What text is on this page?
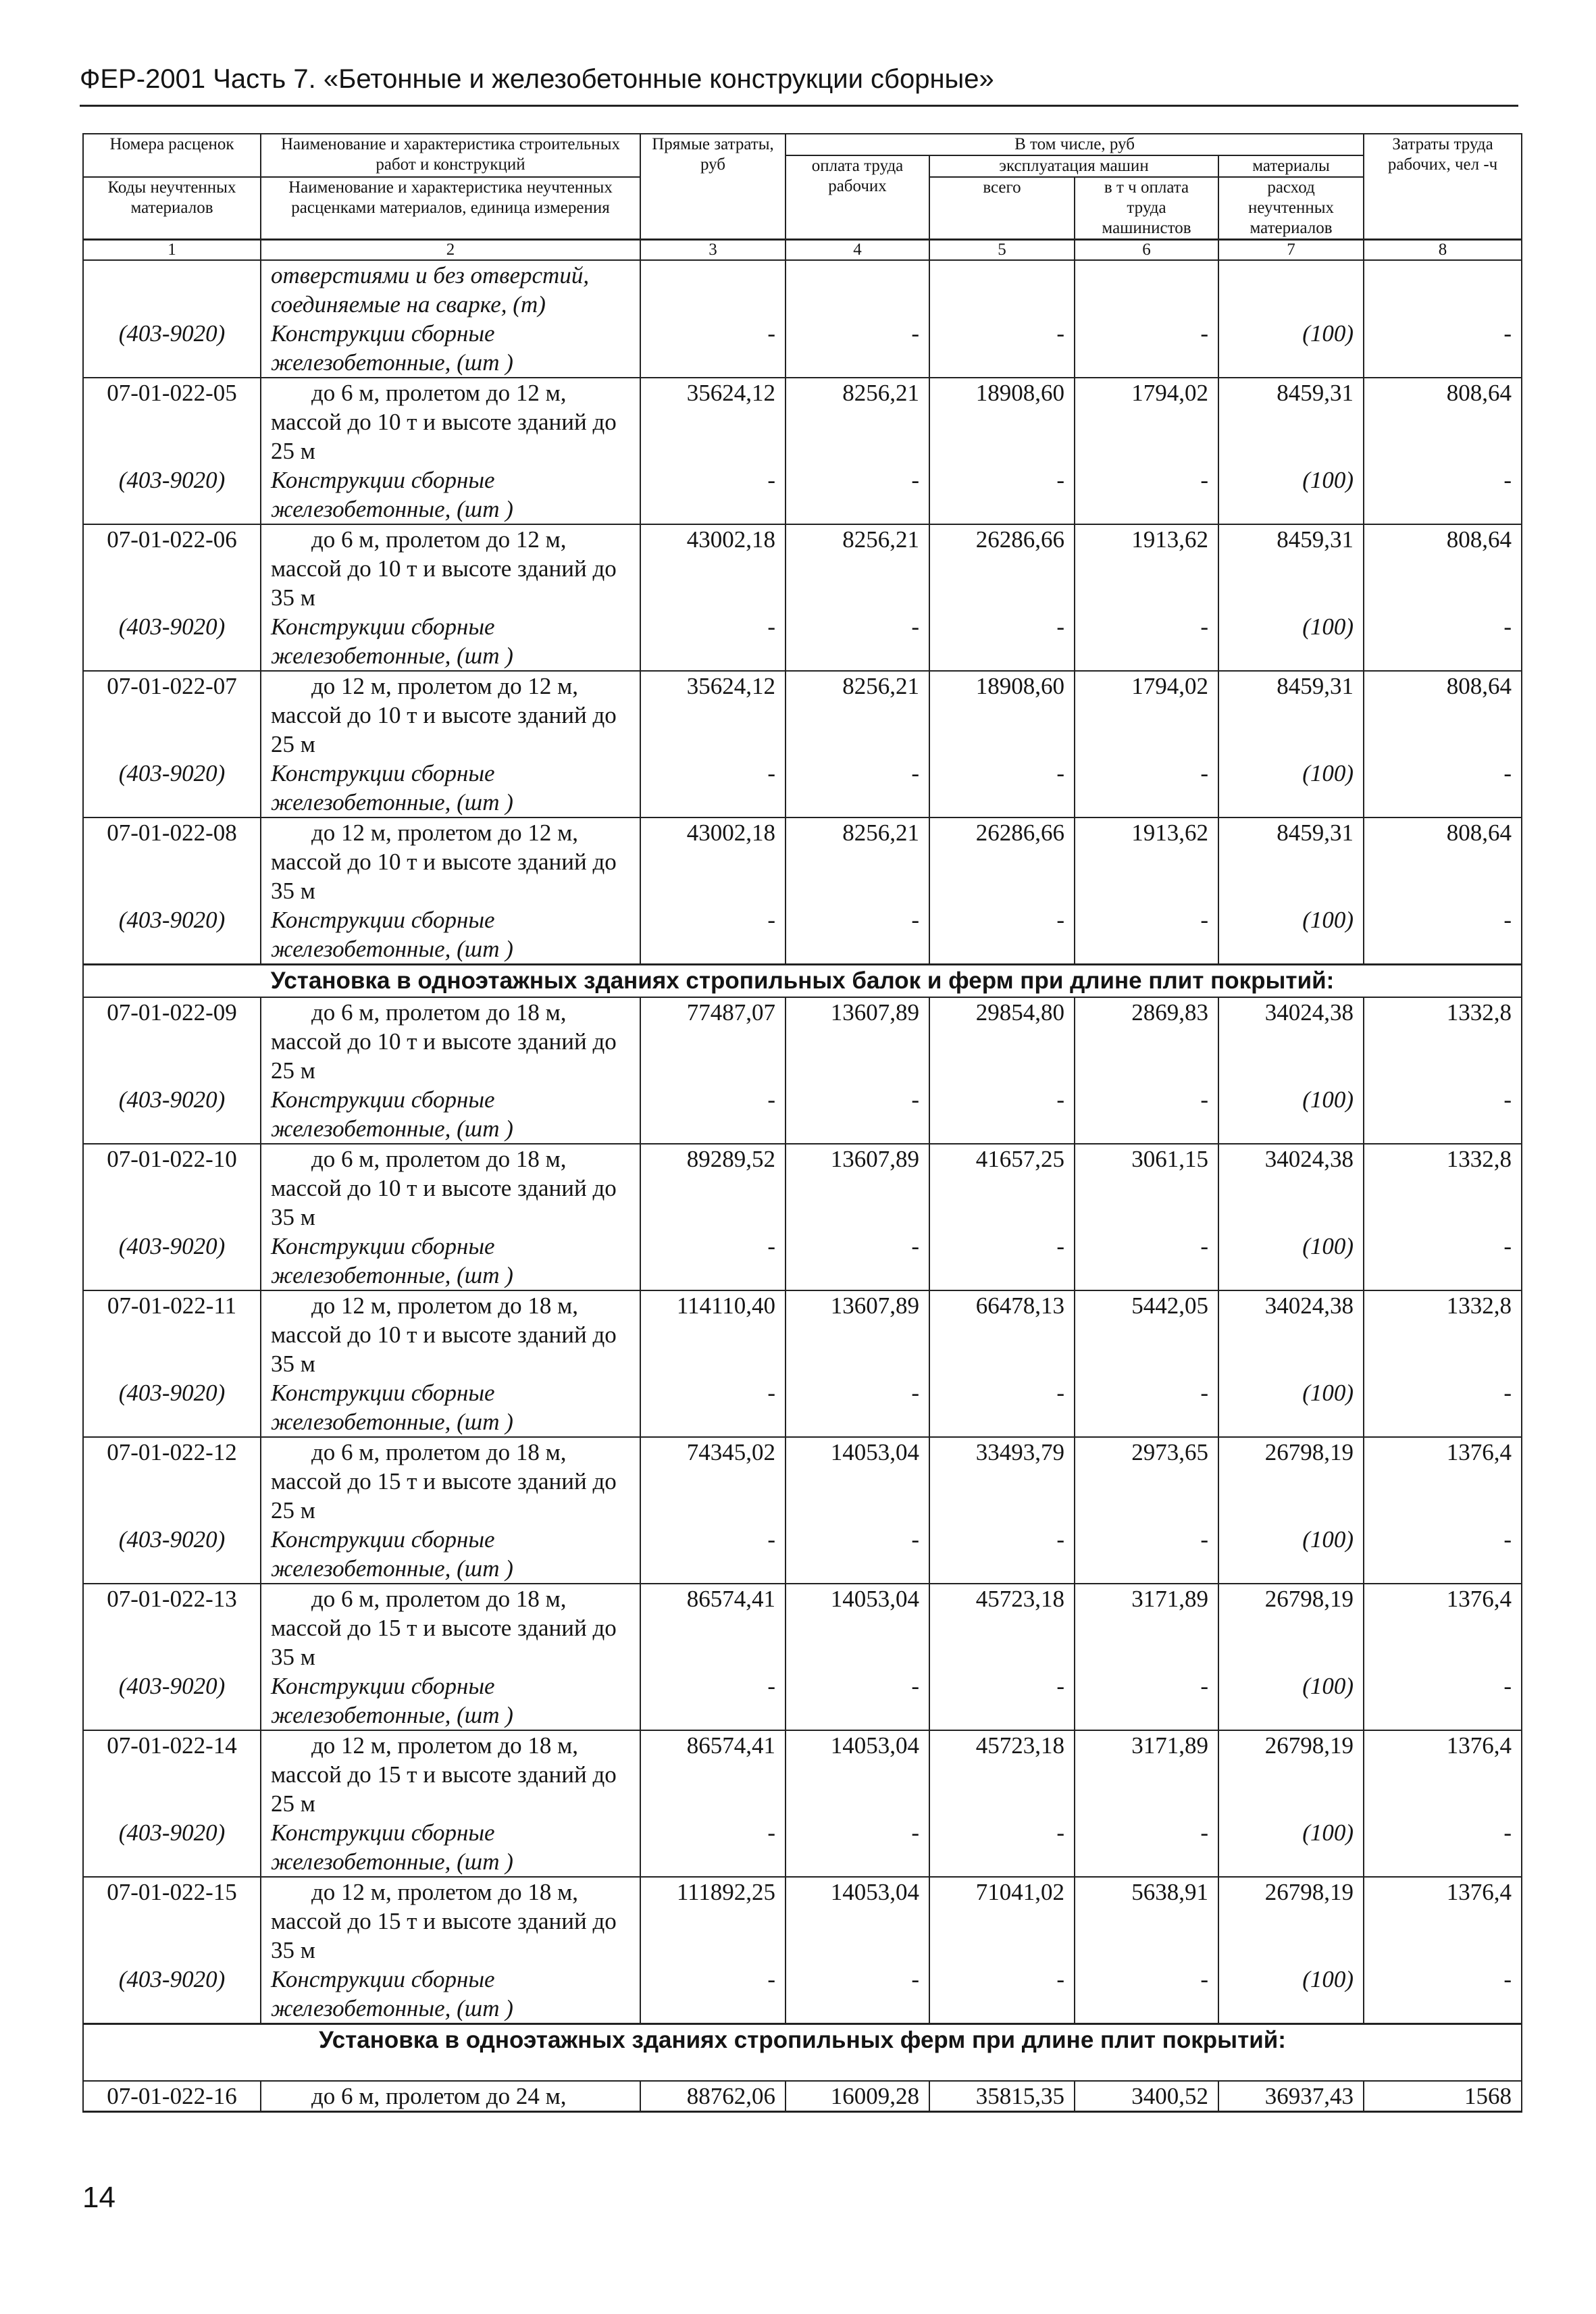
ФЕР-2001 Часть 7. «Бетонные и железобетонные конструкции сборные»
Номера расценок	Наименование и характеристика строительных работ и конструкций	Прямые затраты, руб	В том числе, руб				Затраты труда рабочих, чел -ч
			оплата труда рабочих	эксплуатация машин		материалы	
Коды неучтенных материалов	Наименование и характеристика неучтенных расценками материалов, единица измерения			всего	в т ч оплата труда машинистов	расход неучтенных материалов	

1	2	3	4	5	6	7	8
	отверстиями и без отверстий, соединяемые на сварке, (т)						
(403-9020)	Конструкции сборные железобетонные, (шт )	-	-	-	-	(100)	-
07-01-022-05	до 6 м, пролетом до 12 м, массой до 10 т и высоте зданий до 25 м	35624,12	8256,21	18908,60	1794,02	8459,31	808,64
(403-9020)	Конструкции сборные железобетонные, (шт )	-	-	-	-	(100)	-
07-01-022-06	до 6 м, пролетом до 12 м, массой до 10 т и высоте зданий до 35 м	43002,18	8256,21	26286,66	1913,62	8459,31	808,64
(403-9020)	Конструкции сборные железобетонные, (шт )	-	-	-	-	(100)	-
07-01-022-07	до 12 м, пролетом до 12 м, массой до 10 т и высоте зданий до 25 м	35624,12	8256,21	18908,60	1794,02	8459,31	808,64
(403-9020)	Конструкции сборные железобетонные, (шт )	-	-	-	-	(100)	-
07-01-022-08	до 12 м, пролетом до 12 м, массой до 10 т и высоте зданий до 35 м	43002,18	8256,21	26286,66	1913,62	8459,31	808,64
(403-9020)	Конструкции сборные железобетонные, (шт )	-	-	-	-	(100)	-
Установка в одноэтажных зданиях стропильных балок и ферм при длине плит покрытий:							
07-01-022-09	до 6 м, пролетом до 18 м, массой до 10 т и высоте зданий до 25 м	77487,07	13607,89	29854,80	2869,83	34024,38	1332,8
(403-9020)	Конструкции сборные железобетонные, (шт )	-	-	-	-	(100)	-
07-01-022-10	до 6 м, пролетом до 18 м, массой до 10 т и высоте зданий до 35 м	89289,52	13607,89	41657,25	3061,15	34024,38	1332,8
(403-9020)	Конструкции сборные железобетонные, (шт )	-	-	-	-	(100)	-
07-01-022-11	до 12 м, пролетом до 18 м, массой до 10 т и высоте зданий до 35 м	114110,40	13607,89	66478,13	5442,05	34024,38	1332,8
(403-9020)	Конструкции сборные железобетонные, (шт )	-	-	-	-	(100)	-
07-01-022-12	до 6 м, пролетом до 18 м, массой до 15 т и высоте зданий до 25 м	74345,02	14053,04	33493,79	2973,65	26798,19	1376,4
(403-9020)	Конструкции сборные железобетонные, (шт )	-	-	-	-	(100)	-
07-01-022-13	до 6 м, пролетом до 18 м, массой до 15 т и высоте зданий до 35 м	86574,41	14053,04	45723,18	3171,89	26798,19	1376,4
(403-9020)	Конструкции сборные железобетонные, (шт )	-	-	-	-	(100)	-
07-01-022-14	до 12 м, пролетом до 18 м, массой до 15 т и высоте зданий до 25 м	86574,41	14053,04	45723,18	3171,89	26798,19	1376,4
(403-9020)	Конструкции сборные железобетонные, (шт )	-	-	-	-	(100)	-
07-01-022-15	до 12 м, пролетом до 18 м, массой до 15 т и высоте зданий до 35 м	111892,25	14053,04	71041,02	5638,91	26798,19	1376,4
(403-9020)	Конструкции сборные железобетонные, (шт )	-	-	-	-	(100)	-
Установка в одноэтажных зданиях стропильных ферм при длине плит покрытий:							

07-01-022-16	до 6 м, пролетом до 24 м,	88762,06	16009,28	35815,35	3400,52	36937,43	1568
14
